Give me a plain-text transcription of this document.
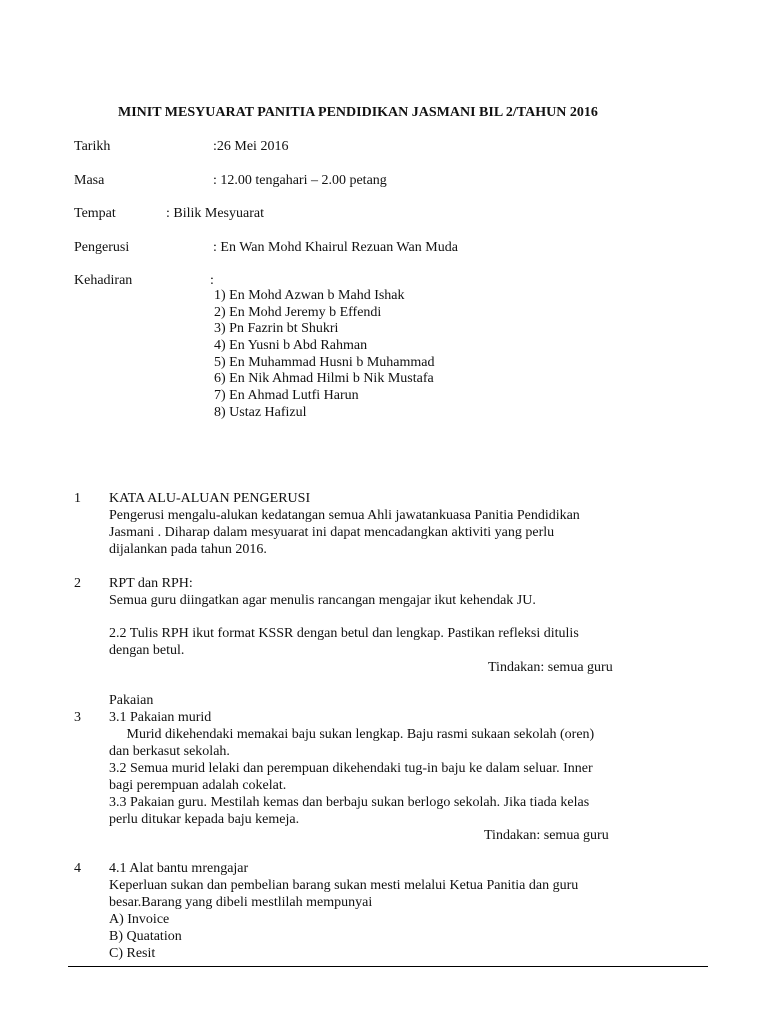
MINIT MESYUARAT PANITIA PENDIDIKAN JASMANI BIL 2/TAHUN 2016
Tarikh	:26 Mei 2016
Masa	: 12.00 tengahari – 2.00 petang
Tempat	: Bilik Mesyuarat
Pengerusi	: En Wan Mohd Khairul Rezuan Wan Muda
Kehadiran	:
1) En Mohd Azwan b Mahd Ishak
2) En Mohd Jeremy b Effendi
3) Pn Fazrin bt Shukri
4) En Yusni b Abd Rahman
5) En Muhammad Husni b Muhammad
6) En Nik Ahmad Hilmi b Nik Mustafa
7) En Ahmad Lutfi Harun
8) Ustaz Hafizul
1 KATA ALU-ALUAN PENGERUSI
Pengerusi mengalu-alukan kedatangan semua Ahli jawatankuasa Panitia Pendidikan
Jasmani . Diharap dalam mesyuarat ini dapat mencadangkan aktiviti yang perlu
dijalankan pada tahun 2016.
2 RPT dan RPH:
Semua guru diingatkan agar menulis rancangan mengajar ikut kehendak JU.
2.2 Tulis RPH ikut format KSSR dengan betul dan lengkap. Pastikan refleksi ditulis
dengan betul.
Tindakan: semua guru
Pakaian
3 3.1 Pakaian murid
Murid dikehendaki memakai baju sukan lengkap. Baju rasmi sukaan sekolah (oren)
dan berkasut sekolah.
3.2 Semua murid lelaki dan perempuan dikehendaki tug-in baju ke dalam seluar. Inner
bagi perempuan adalah cokelat.
3.3 Pakaian guru. Mestilah kemas dan berbaju sukan berlogo sekolah. Jika tiada kelas
perlu ditukar kepada baju kemeja.
Tindakan: semua guru
4 4.1 Alat bantu mrengajar
Keperluan sukan dan pembelian barang sukan mesti melalui Ketua Panitia dan guru
besar.Barang yang dibeli mestlilah mempunyai
A) Invoice
B) Quatation
C) Resit
